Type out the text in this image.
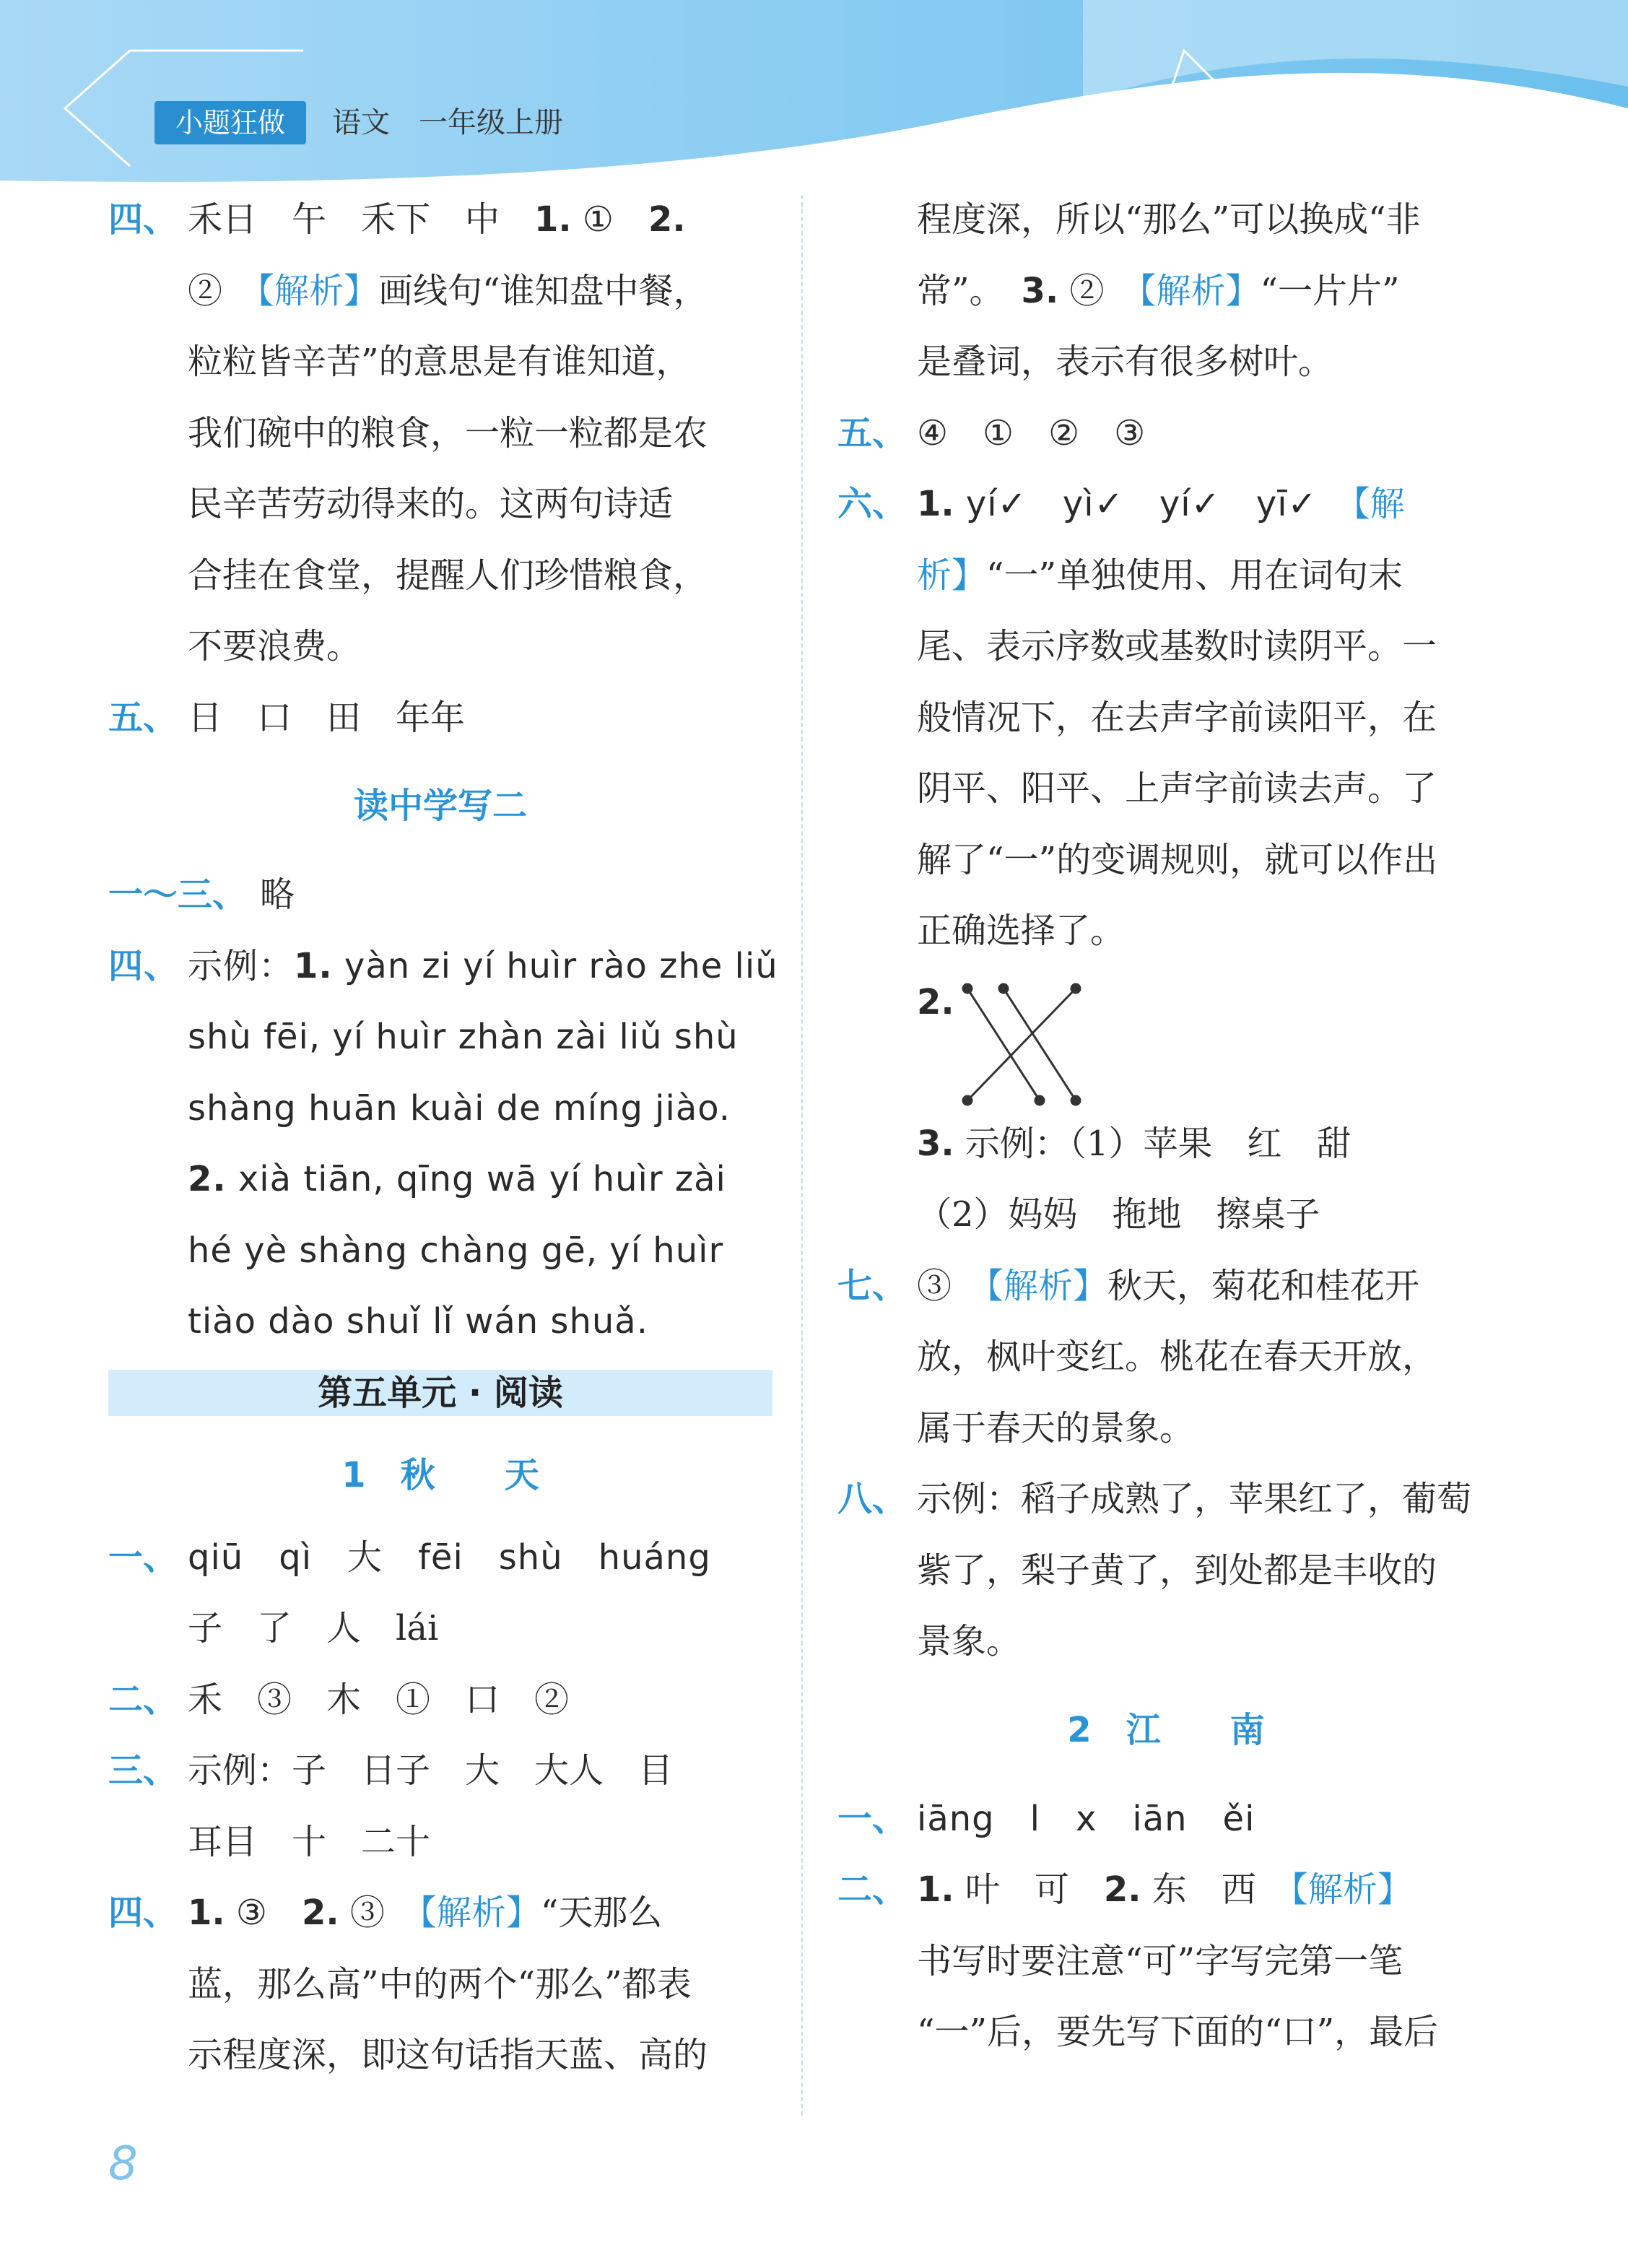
小题狂做	语文　一年级上册
四、 禾日　午　禾下　中　1. ①　2.
②　【解析】画线句“谁知盘中餐，
粒粒皆辛苦”的意思是有谁知道，
我们碗中的粮食，一粒一粒都是农
民辛苦劳动得来的。这两句诗适
合挂在食堂，提醒人们珍惜粮食，
不要浪费。
五、 日　口　田　年年
读中学写二
一～三、 略
四、 示例：1. yàn zi yí huìr rào zhe liǔ
shù fēi, yí huìr zhàn zài liǔ shù
shàng huān kuài de míng jiào.
2. xià tiān, qīng wā yí huìr zài
hé yè shàng chàng gē, yí huìr
tiào dào shuǐ lǐ wán shuǎ.
第五单元 · 阅读
1　秋　　天
一、 qiū　qì　大　fēi　shù　huáng
子　了　人　lái
二、 禾　③　木　①　口　②
三、 示例：子　日子　大　大人　目
耳目　十　二十
四、 1. ③　2. ③　【解析】“天那么
蓝，那么高”中的两个“那么”都表
示程度深，即这句话指天蓝、高的
程度深，所以“那么”可以换成“非
常”。　3. ②　【解析】“一片片”
是叠词，表示有很多树叶。
五、 ④　①　②　③
六、 1. yí✓　yì✓　yí✓　yī✓　【解
析】“一”单独使用、用在词句末
尾、表示序数或基数时读阴平。一
般情况下，在去声字前读阳平，在
阴平、阳平、上声字前读去声。了
解了“一”的变调规则，就可以作出
正确选择了。
2.
3. 示例：（1）苹果　红　甜
（2）妈妈　拖地　擦桌子
七、 ③　【解析】秋天，菊花和桂花开
放，枫叶变红。桃花在春天开放，
属于春天的景象。
八、 示例：稻子成熟了，苹果红了，葡萄
紫了，梨子黄了，到处都是丰收的
景象。
2　江　　南
一、 iāng　l　x　iān　ěi
二、 1. 叶　可　2. 东　西　【解析】
书写时要注意“可”字写完第一笔
“一”后，要先写下面的“口”，最后
8
